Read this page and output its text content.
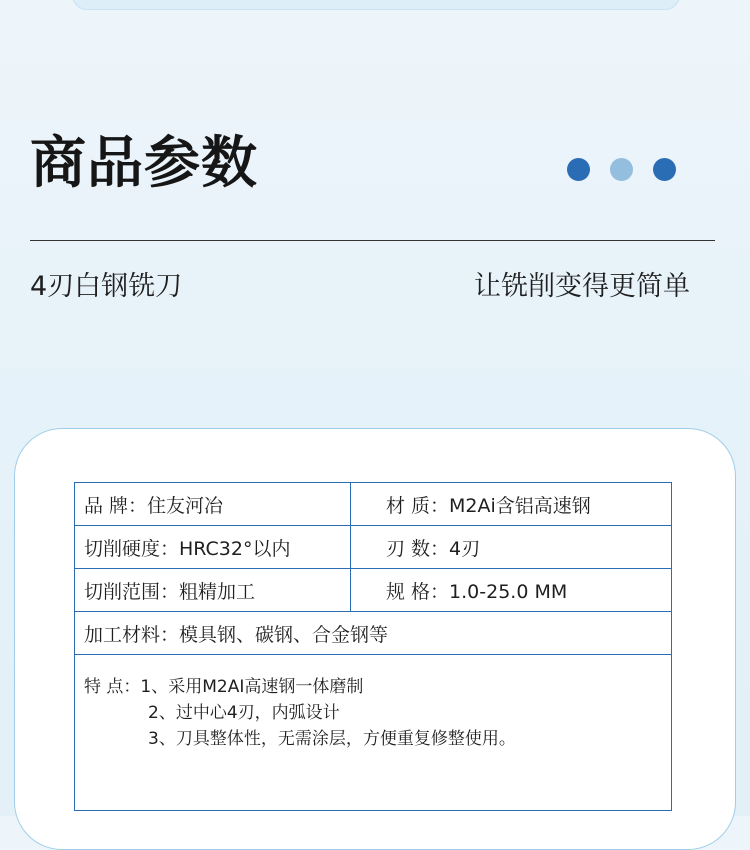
商品参数
4刃白钢铣刀	让铣削变得更简单
品 牌：住友河冶	材 质：M2Ai含铝高速钢
切削硬度：HRC32°以内	刃 数：4刃
切削范围：粗精加工	规 格：1.0-25.0 MM
加工材料：模具钢、碳钢、合金钢等	

特 点：1、采用M2AI高速钢一体磨制
2、过中心4刃，内弧设计
3、刀具整体性，无需涂层，方便重复修整使用。	
